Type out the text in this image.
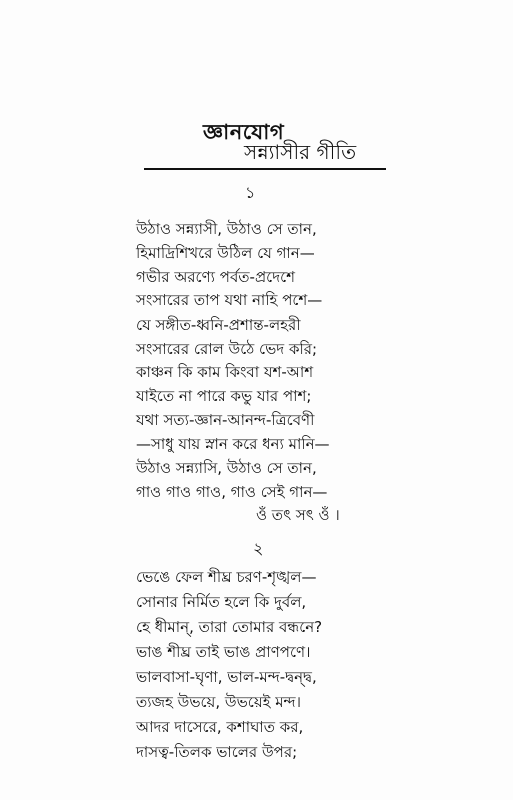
জ্ঞানযোগ
সন্ন্যাসীর গীতি
১
উঠাও সন্ন্যাসী, উঠাও সে তান,
হিমাদ্রিশিখরে উঠিল যে গান—
গভীর অরণ্যে পর্বত-প্রদেশে
সংসারের তাপ যথা নাহি পশে—
যে সঙ্গীত-ধ্বনি-প্রশান্ত-লহরী
সংসারের রোল উঠে ভেদ করি;
কাঞ্চন কি কাম কিংবা যশ-আশ
যাইতে না পারে কভু যার পাশ;
যথা সত্য-জ্ঞান-আনন্দ-ত্রিবেণী
—সাধু যায় স্নান করে ধন্য মানি—
উঠাও সন্ন্যাসি, উঠাও সে তান,
গাও গাও গাও, গাও সেই গান—
ওঁ তৎ সৎ ওঁ ।
২
ভেঙে ফেল শীঘ্র চরণ-শৃঙ্খল—
সোনার নির্মিত হলে কি দুর্বল,
হে ধীমান্‌, তারা তোমার বন্ধনে?
ভাঙ শীঘ্র তাই ভাঙ প্রাণপণে।
ভালবাসা-ঘৃণা, ভাল-মন্দ-দ্বন্দ্ব,
ত্যজহ উভয়ে, উভয়েই মন্দ।
আদর দাসেরে, কশাঘাত কর,
দাসত্ব-তিলক ভালের উপর;
